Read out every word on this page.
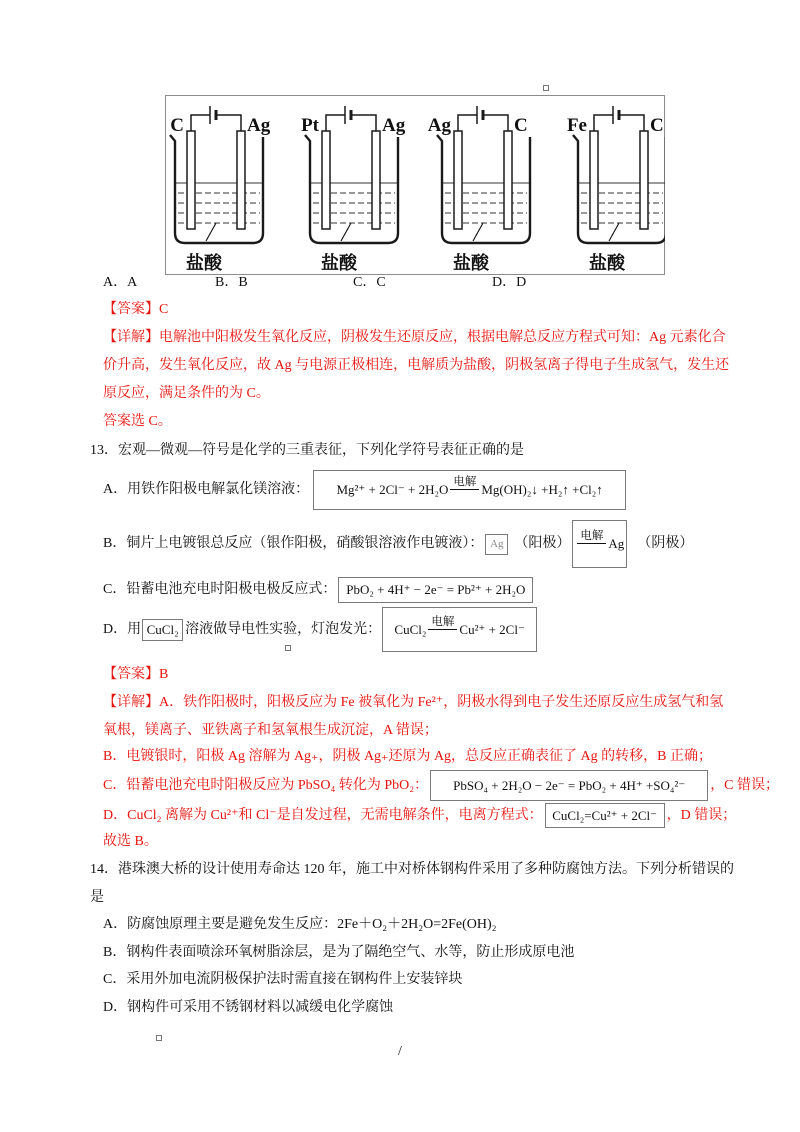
C	Ag
盐酸
Pt	Ag
盐酸
Ag	C
盐酸
Fe	C
盐酸
A．A	B．B	C．C	D．D
【答案】C
【详解】电解池中阳极发生氧化反应，阴极发生还原反应，根据电解总反应方程式可知：Ag 元素化合
价升高，发生氧化反应，故 Ag 与电源正极相连，电解质为盐酸，阴极氢离子得电子生成氢气，发生还
原反应，满足条件的为 C。
答案选 C。
13．宏观—微观—符号是化学的三重表征，下列化学符号表征正确的是
A．用铁作阳极电解氯化镁溶液： Mg²⁺ + 2Cl⁻ + 2H₂O 电解 Mg(OH)₂↓ +H₂↑ +Cl₂↑
B．铜片上电镀银总反应（银作阳极，硝酸银溶液作电镀液）： Ag （阳极） 电解 Ag （阴极）
C．铅蓄电池充电时阳极电极反应式： PbO₂ + 4H⁺ − 2e⁻ = Pb²⁺ + 2H₂O
D．用 CuCl₂ 溶液做导电性实验，灯泡发光： CuCl₂ 电解 Cu²⁺ + 2Cl⁻
【答案】B
【详解】A．铁作阳极时，阳极反应为 Fe 被氧化为 Fe²⁺，阴极水得到电子发生还原反应生成氢气和氢
氧根，镁离子、亚铁离子和氢氧根生成沉淀，A 错误；
B．电镀银时，阳极 Ag 溶解为 Ag₊，阴极 Ag₊还原为 Ag，总反应正确表征了 Ag 的转移，B 正确；
C．铅蓄电池充电时阳极反应为 PbSO₄ 转化为 PbO₂： PbSO₄ + 2H₂O − 2e⁻ = PbO₂ + 4H⁺ +SO₄²⁻ ，C 错误；
D．CuCl₂ 离解为 Cu²⁺和 Cl⁻是自发过程，无需电解条件，电离方程式： CuCl₂=Cu²⁺ + 2Cl⁻ ，D 错误；
故选 B。
14．港珠澳大桥的设计使用寿命达 120 年，施工中对桥体钢构件采用了多种防腐蚀方法。下列分析错误的
是
A．防腐蚀原理主要是避免发生反应：2Fe＋O₂＋2H₂O=2Fe(OH)₂
B．钢构件表面喷涂环氧树脂涂层，是为了隔绝空气、水等，防止形成原电池
C．采用外加电流阴极保护法时需直接在钢构件上安装锌块
D．钢构件可采用不锈钢材料以减缓电化学腐蚀
/
